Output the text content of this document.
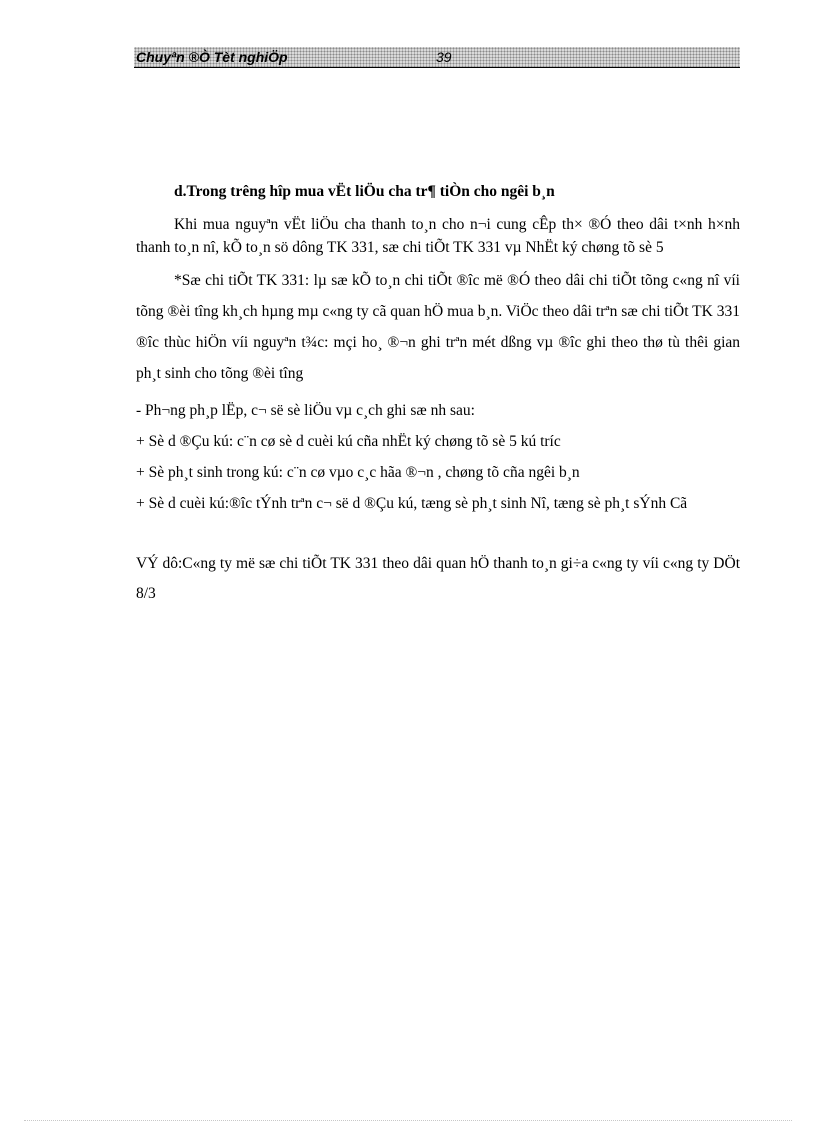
Chuyªn ®Ò Tèt nghiÖp	39
d.Trong trêng hîp mua vËt liÖu cha tr¶ tiÒn cho ngêi b¸n

Khi mua nguyªn vËt liÖu cha thanh to¸n cho n¬i cung cÊp th× ®Ó theo dâi t×nh h×nh thanh to¸n nî, kÕ to¸n sö dông TK 331, sæ chi tiÕt TK 331 vµ NhËt ký chøng tõ sè 5

*Sæ chi tiÕt TK 331: lµ sæ kÕ to¸n chi tiÕt ®îc më ®Ó theo dâi chi tiÕt tõng c«ng nî víi tõng ®èi tîng kh¸ch hµng mµ c«ng ty cã quan hÖ mua b¸n. ViÖc theo dâi trªn sæ chi tiÕt TK 331 ®îc thùc hiÖn víi nguyªn t¾c: mçi ho¸ ®¬n ghi trªn mét dßng vµ ®îc ghi theo thø tù thêi gian ph¸t sinh cho tõng ®èi tîng

- Ph¬ng ph¸p lËp, c¬ së sè liÖu vµ c¸ch ghi sæ nh sau:

+ Sè d ®Çu kú: c¨n cø sè d cuèi kú cña nhËt ký chøng tõ sè 5 kú tríc

+ Sè ph¸t sinh trong kú: c¨n cø vµo c¸c hãa ®¬n , chøng tõ cña ngêi b¸n

+ Sè d cuèi kú:®îc tÝnh trªn c¬ së d ®Çu kú, tæng sè ph¸t sinh Nî, tæng sè ph¸t sÝnh Cã

VÝ dô:C«ng ty më sæ chi tiÕt TK 331 theo dâi quan hÖ thanh to¸n gi÷a c«ng ty víi c«ng ty DÖt 8/3
